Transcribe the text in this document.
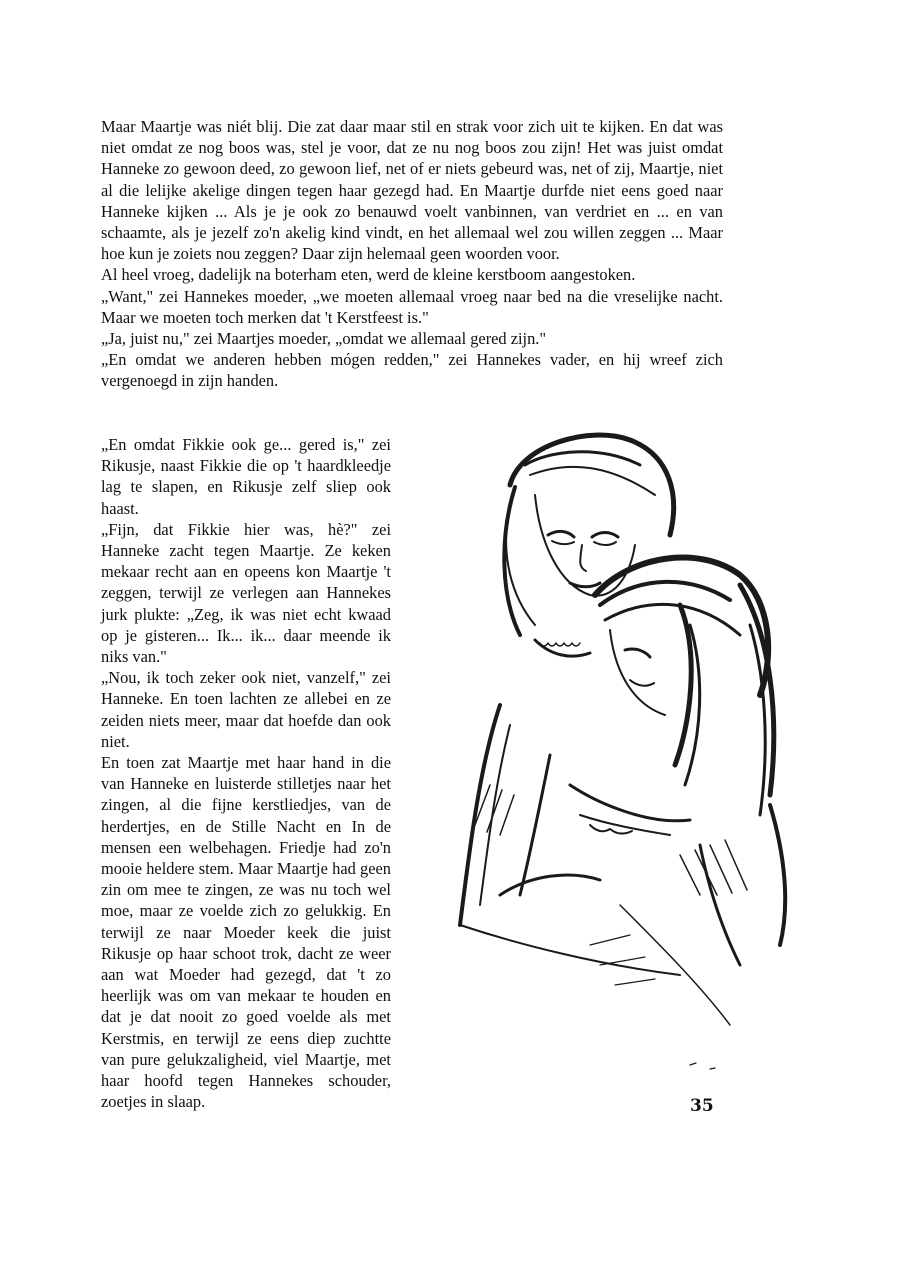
Maar Maartje was niét blij. Die zat daar maar stil en strak voor zich uit te kijken. En dat was niet omdat ze nog boos was, stel je voor, dat ze nu nog boos zou zijn! Het was juist omdat Hanneke zo gewoon deed, zo gewoon lief, net of er niets gebeurd was, net of zij, Maartje, niet al die lelijke akelige dingen tegen haar gezegd had. En Maartje durfde niet eens goed naar Hanneke kijken ... Als je je ook zo benauwd voelt vanbinnen, van verdriet en ... en van schaamte, als je jezelf zo'n akelig kind vindt, en het allemaal wel zou willen zeggen ... Maar hoe kun je zoiets nou zeggen? Daar zijn helemaal geen woorden voor.

Al heel vroeg, dadelijk na boterham eten, werd de kleine kerstboom aangestoken.

„Want," zei Hannekes moeder, „we moeten allemaal vroeg naar bed na die vreselijke nacht. Maar we moeten toch merken dat 't Kerstfeest is."

„Ja, juist nu," zei Maartjes moeder, „omdat we allemaal gered zijn."

„En omdat we anderen hebben mógen redden," zei Hannekes vader, en hij wreef zich vergenoegd in zijn handen.

„En omdat Fikkie ook ge... gered is," zei Rikusje, naast Fikkie die op 't haardkleedje lag te slapen, en Rikusje zelf sliep ook haast.

„Fijn, dat Fikkie hier was, hè?" zei Hanneke zacht tegen Maartje. Ze keken mekaar recht aan en opeens kon Maartje 't zeggen, terwijl ze verlegen aan Hannekes jurk plukte: „Zeg, ik was niet echt kwaad op je gisteren... Ik... ik... daar meende ik niks van."

„Nou, ik toch zeker ook niet, vanzelf," zei Hanneke. En toen lachten ze allebei en ze zeiden niets meer, maar dat hoefde dan ook niet.

En toen zat Maartje met haar hand in die van Hanneke en luisterde stilletjes naar het zingen, al die fijne kerstliedjes, van de herdertjes, en de Stille Nacht en In de mensen een welbehagen. Friedje had zo'n mooie heldere stem. Maar Maartje had geen zin om mee te zingen, ze was nu toch wel moe, maar ze voelde zich zo gelukkig. En terwijl ze naar Moeder keek die juist Rikusje op haar schoot trok, dacht ze weer aan wat Moeder had gezegd, dat 't zo heerlijk was om van mekaar te houden en dat je dat nooit zo goed voelde als met Kerstmis, en terwijl ze eens diep zuchtte van pure gelukzaligheid, viel Maartje, met haar hoofd tegen Hannekes schouder, zoetjes in slaap.	35
